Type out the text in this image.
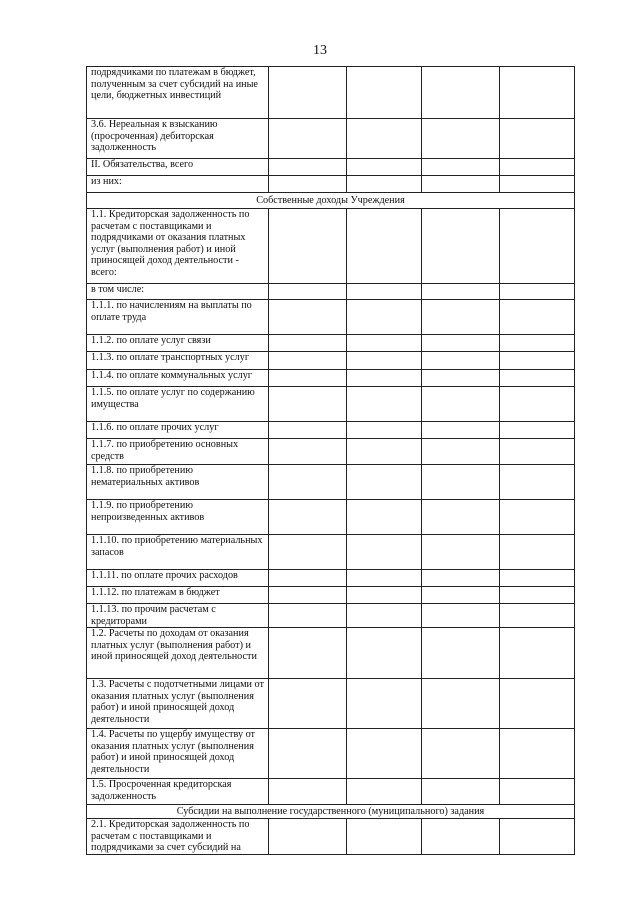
13
подрядчиками по платежам в бюджет, полученным за счет субсидий на иные цели, бюджетных инвестиций				
3.6. Нереальная к взысканию (просроченная) дебиторская задолженность				
II. Обязательства, всего				
из них:				
Собственные доходы Учреждения				
1.1. Кредиторская задолженность по расчетам с поставщиками и подрядчиками от оказания платных услуг (выполнения работ) и иной приносящей доход деятельности - всего:				
в том числе:				
1.1.1. по начислениям на выплаты по оплате труда				
1.1.2. по оплате услуг связи				
1.1.3. по оплате транспортных услуг				
1.1.4. по оплате коммунальных услуг				
1.1.5. по оплате услуг по содержанию имущества				
1.1.6. по оплате прочих услуг				
1.1.7. по приобретению основных средств				
1.1.8. по приобретению нематериальных активов				
1.1.9. по приобретению непроизведенных активов				
1.1.10. по приобретению материальных запасов				
1.1.11. по оплате прочих расходов				
1.1.12. по платежам в бюджет				
1.1.13. по прочим расчетам с кредиторами				
1.2. Расчеты по доходам от оказания платных услуг (выполнения работ) и иной приносящей доход деятельности				
1.3. Расчеты с подотчетными лицами от оказания платных услуг (выполнения работ) и иной приносящей доход деятельности				
1.4. Расчеты по ущербу имуществу от оказания платных услуг (выполнения работ) и иной приносящей доход деятельности				
1.5. Просроченная кредиторская задолженность				
Субсидии на выполнение государственного (муниципального) задания				
2.1. Кредиторская задолженность по расчетам с поставщиками и подрядчиками за счет субсидий на				
